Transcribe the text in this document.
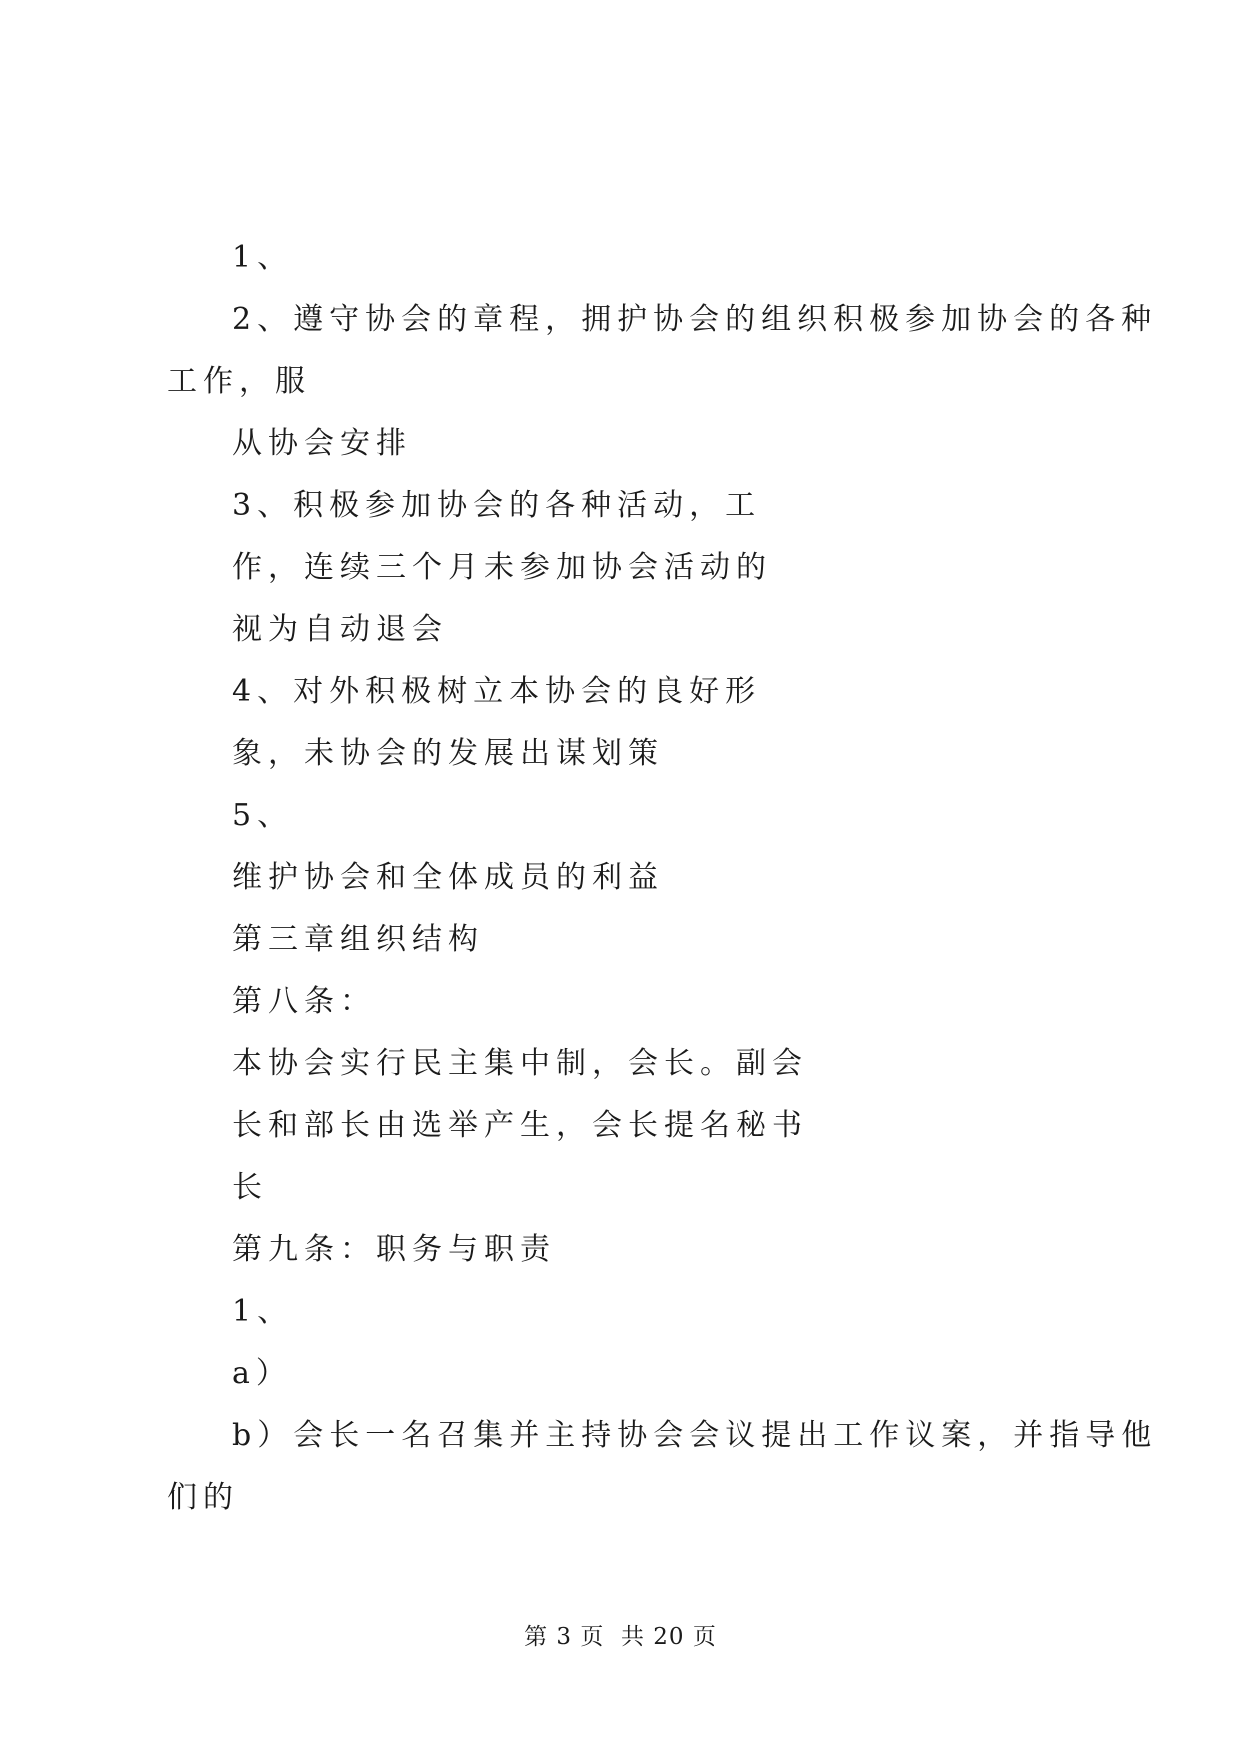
1、
2、遵守协会的章程，拥护协会的组织积极参加协会的各种
工作，服
从协会安排
3、积极参加协会的各种活动，工
作，连续三个月未参加协会活动的
视为自动退会
4、对外积极树立本协会的良好形
象，未协会的发展出谋划策
5、
维护协会和全体成员的利益
第三章组织结构
第八条：
本协会实行民主集中制，会长。副会
长和部长由选举产生，会长提名秘书
长
第九条：职务与职责
1、
a）
b）会长一名召集并主持协会会议提出工作议案，并指导他
们的
第 3 页  共 20 页
